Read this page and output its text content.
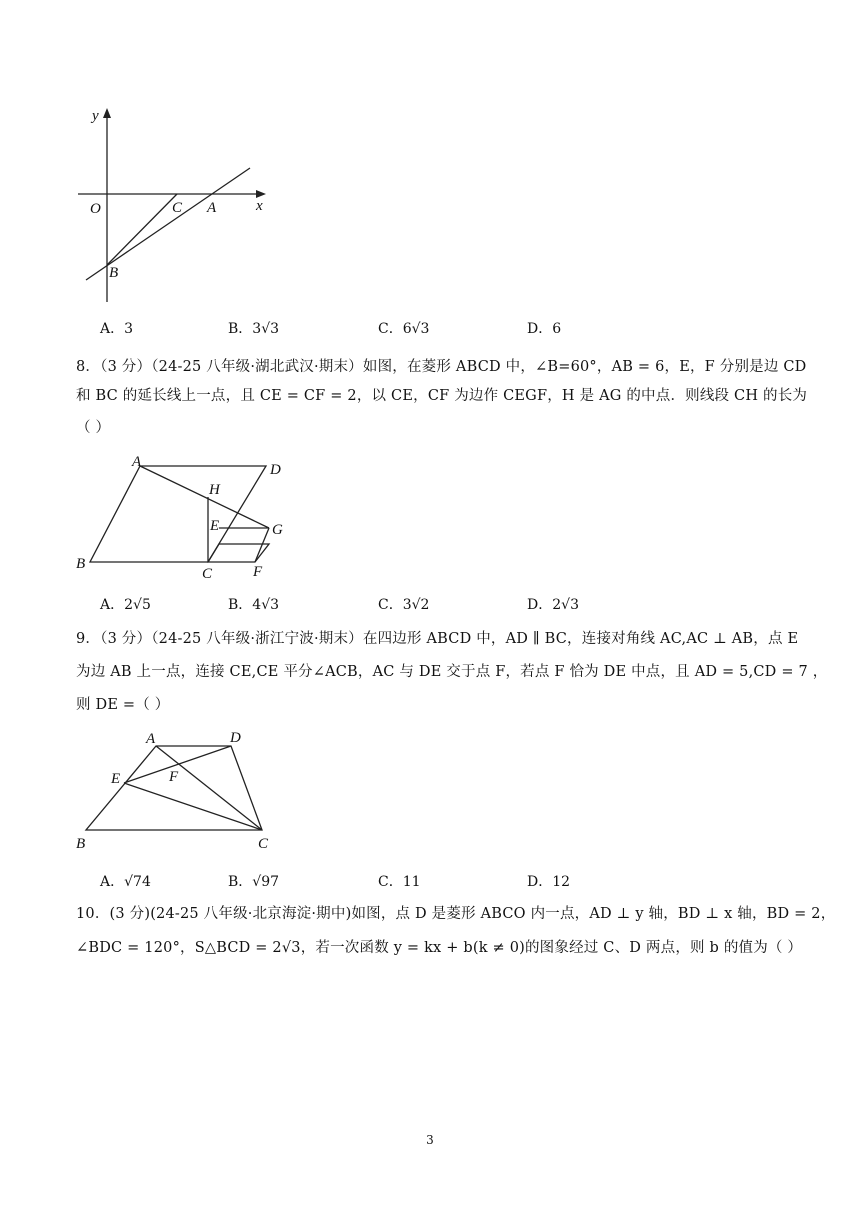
y
x
O	C A
B
A．3	B．3√3	C．6√3	D．6
8．（3 分）（24-25 八年级·湖北武汉·期末）如图，在菱形 ABCD 中，∠B=60°，AB = 6，E，F 分别是边 CD
和 BC 的延长线上一点，且 CE = CF = 2，以 CE，CF 为边作 CEGF，H 是 AG 的中点．则线段 CH 的长为
（ ）
A	D
H
E	G
B
C	F
A．2√5	B．4√3	C．3√2	D．2√3
9．（3 分）（24-25 八年级·浙江宁波·期末）在四边形 ABCD 中，AD ∥ BC，连接对角线 AC,AC ⊥ AB，点 E
为边 AB 上一点，连接 CE,CE 平分∠ACB，AC 与 DE 交于点 F，若点 F 恰为 DE 中点，且 AD = 5,CD = 7 ，
则 DE =（ ）
A	D
E	F
B	C
A．√74	B．√97	C．11	D．12
10．(3 分)(24-25 八年级·北京海淀·期中)如图，点 D 是菱形 ABCO 内一点，AD ⊥ y 轴，BD ⊥ x 轴，BD = 2，
∠BDC = 120°，S△BCD = 2√3，若一次函数 y = kx + b(k ≠ 0)的图象经过 C、D 两点，则 b 的值为（ ）
3
